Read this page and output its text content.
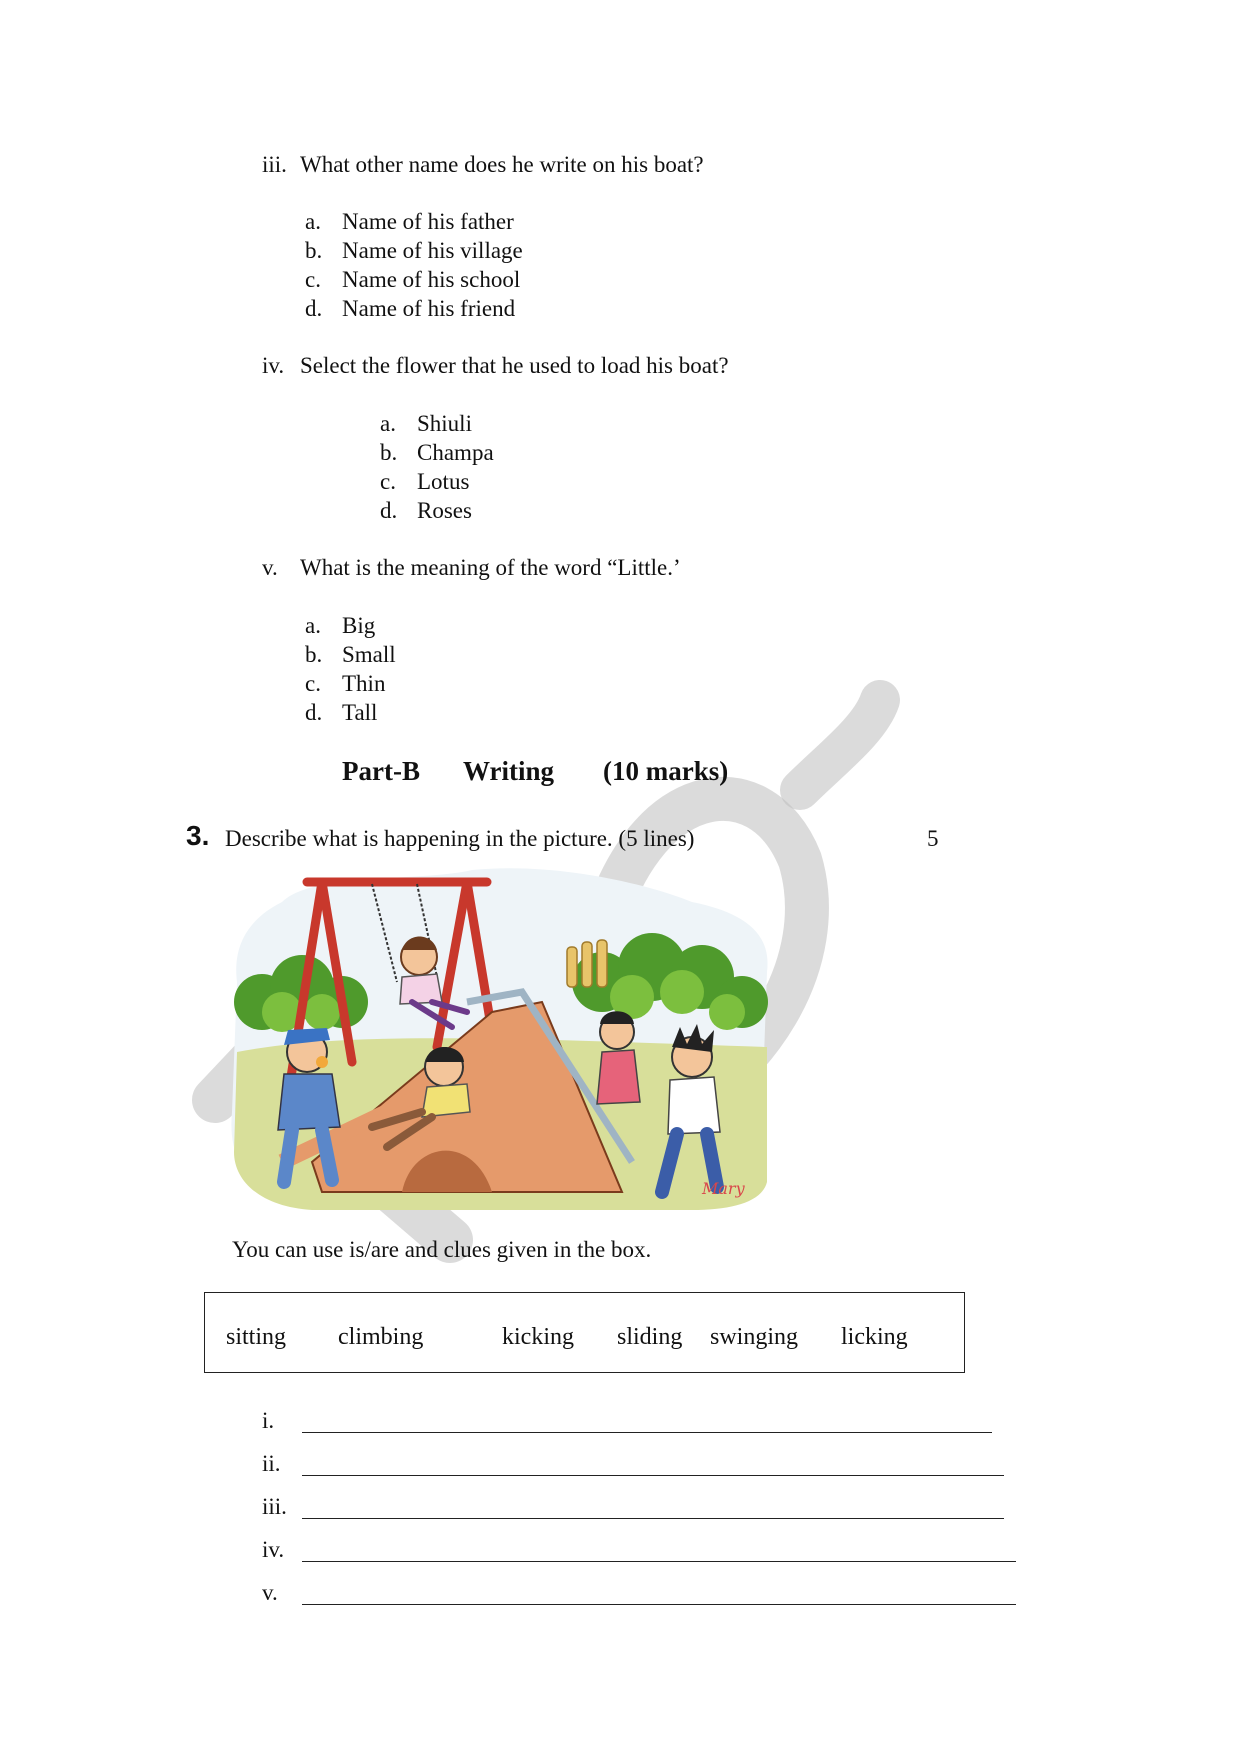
iii. What other name does he write on his boat?
a. Name of his father
b. Name of his village
c. Name of his school
d. Name of his friend
iv. Select the flower that he used to load his boat?
a. Shiuli
b. Champa
c. Lotus
d. Roses
v. What is the meaning of the word “Little.’
a. Big
b. Small
c. Thin
d. Tall
Part-B Writing (10 marks)
3. Describe what is happening in the picture. (5 lines)	5
Mary
You can use is/are and clues given in the box.
sitting climbing	kicking sliding swinging licking
i.
ii.
iii.
iv.
v.
